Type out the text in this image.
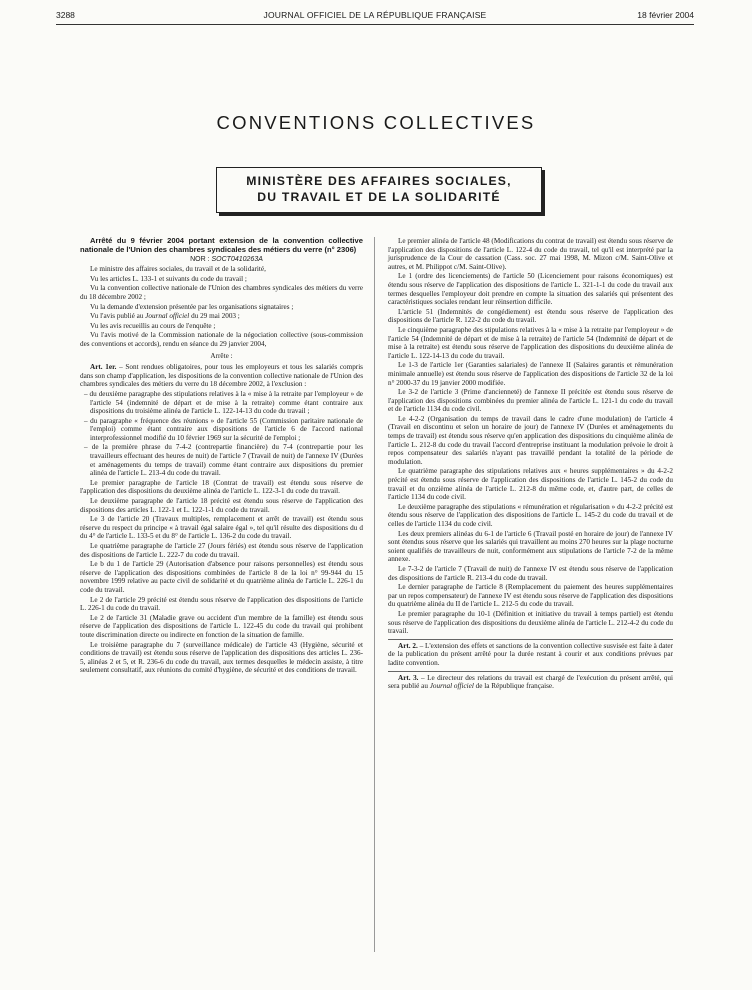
3288	JOURNAL OFFICIEL DE LA RÉPUBLIQUE FRANÇAISE	18 février 2004
CONVENTIONS COLLECTIVES
MINISTÈRE DES AFFAIRES SOCIALES,
DU TRAVAIL ET DE LA SOLIDARITÉ

Arrêté du 9 février 2004 portant extension de la convention collective nationale de l'Union des chambres syndicales des métiers du verre (n° 2306)

NOR : SOCT0410263A

Le ministre des affaires sociales, du travail et de la solidarité,

Vu les articles L. 133-1 et suivants du code du travail ;

Vu la convention collective nationale de l'Union des chambres syndicales des métiers du verre du 18 décembre 2002 ;

Vu la demande d'extension présentée par les organisations signataires ;

Vu l'avis publié au Journal officiel du 29 mai 2003 ;

Vu les avis recueillis au cours de l'enquête ;

Vu l'avis motivé de la Commission nationale de la négociation collective (sous-commission des conventions et accords), rendu en séance du 29 janvier 2004,

Arrête :

Art. 1er. – Sont rendues obligatoires, pour tous les employeurs et tous les salariés compris dans son champ d'application, les dispositions de la convention collective nationale de l'Union des chambres syndicales des métiers du verre du 18 décembre 2002, à l'exclusion :

– du deuxième paragraphe des stipulations relatives à la « mise à la retraite par l'employeur » de l'article 54 (indemnité de départ et de mise à la retraite) comme étant contraire aux dispositions du troisième alinéa de l'article L. 122-14-13 du code du travail ;

– du paragraphe « fréquence des réunions » de l'article 55 (Commission paritaire nationale de l'emploi) comme étant contraire aux dispositions de l'article 6 de l'accord national interprofessionnel modifié du 10 février 1969 sur la sécurité de l'emploi ;

– de la première phrase du 7-4-2 (contrepartie financière) du 7-4 (contrepartie pour les travailleurs effectuant des heures de nuit) de l'article 7 (Travail de nuit) de l'annexe IV (Durées et aménagements du temps de travail) comme étant contraire aux dispositions du premier alinéa de l'article L. 213-4 du code du travail.

Le premier paragraphe de l'article 18 (Contrat de travail) est étendu sous réserve de l'application des dispositions du deuxième alinéa de l'article L. 122-3-1 du code du travail.

Le deuxième paragraphe de l'article 18 précité est étendu sous réserve de l'application des dispositions des articles L. 122-1 et L. 122-1-1 du code du travail.

Le 3 de l'article 20 (Travaux multiples, remplacement et arrêt de travail) est étendu sous réserve du respect du principe « à travail égal salaire égal », tel qu'il résulte des dispositions du d du 4° de l'article L. 133-5 et du 8° de l'article L. 136-2 du code du travail.

Le quatrième paragraphe de l'article 27 (Jours fériés) est étendu sous réserve de l'application des dispositions de l'article L. 222-7 du code du travail.

Le b du 1 de l'article 29 (Autorisation d'absence pour raisons personnelles) est étendu sous réserve de l'application des dispositions combinées de l'article 8 de la loi n° 99-944 du 15 novembre 1999 relative au pacte civil de solidarité et du quatrième alinéa de l'article L. 226-1 du code du travail.

Le 2 de l'article 29 précité est étendu sous réserve de l'application des dispositions de l'article L. 226-1 du code du travail.

Le 2 de l'article 31 (Maladie grave ou accident d'un membre de la famille) est étendu sous réserve de l'application des dispositions de l'article L. 122-45 du code du travail qui prohibent toute discrimination directe ou indirecte en fonction de la situation de famille.

Le troisième paragraphe du 7 (surveillance médicale) de l'article 43 (Hygiène, sécurité et conditions de travail) est étendu sous réserve de l'application des dispositions des articles L. 236-5, alinéas 2 et 5, et R. 236-6 du code du travail, aux termes desquelles le médecin assiste, à titre seulement consultatif, aux réunions du comité d'hygiène, de sécurité et des conditions de travail.

Le premier alinéa de l'article 48 (Modifications du contrat de travail) est étendu sous réserve de l'application des dispositions de l'article L. 122-4 du code du travail, tel qu'il est interprété par la jurisprudence de la Cour de cassation (Cass. soc. 27 mai 1998, M. Mizon c/M. Saint-Olive et autres, et M. Philippot c/M. Saint-Olive).

Le 1 (ordre des licenciements) de l'article 50 (Licenciement pour raisons économiques) est étendu sous réserve de l'application des dispositions de l'article L. 321-1-1 du code du travail aux termes desquelles l'employeur doit prendre en compte la situation des salariés qui présentent des caractéristiques sociales rendant leur réinsertion difficile.

L'article 51 (Indemnités de congédiement) est étendu sous réserve de l'application des dispositions de l'article R. 122-2 du code du travail.

Le cinquième paragraphe des stipulations relatives à la « mise à la retraite par l'employeur » de l'article 54 (Indemnité de départ et de mise à la retraite) de l'article 54 (Indemnité de départ et de mise à la retraite) est étendu sous réserve de l'application des dispositions du deuxième alinéa de l'article L. 122-14-13 du code du travail.

Le 1-3 de l'article 1er (Garanties salariales) de l'annexe II (Salaires garantis et rémunération minimale annuelle) est étendu sous réserve de l'application des dispositions de l'article 32 de la loi n° 2000-37 du 19 janvier 2000 modifiée.

Le 3-2 de l'article 3 (Prime d'ancienneté) de l'annexe II précitée est étendu sous réserve de l'application des dispositions combinées du premier alinéa de l'article L. 121-1 du code du travail et de l'article 1134 du code civil.

Le 4-2-2 (Organisation du temps de travail dans le cadre d'une modulation) de l'article 4 (Travail en discontinu et selon un horaire de jour) de l'annexe IV (Durées et aménagements du temps de travail) est étendu sous réserve qu'en application des dispositions du cinquième alinéa de l'article L. 212-8 du code du travail l'accord d'entreprise instituant la modulation prévoie le droit à repos compensateur des salariés n'ayant pas travaillé pendant la totalité de la période de modulation.

Le quatrième paragraphe des stipulations relatives aux « heures supplémentaires » du 4-2-2 précité est étendu sous réserve de l'application des dispositions de l'article L. 145-2 du code du travail et du onzième alinéa de l'article L. 212-8 du même code, et, d'autre part, de celles de l'article 1134 du code civil.

Le deuxième paragraphe des stipulations « rémunération et régularisation » du 4-2-2 précité est étendu sous réserve de l'application des dispositions de l'article L. 145-2 du code du travail et de celles de l'article 1134 du code civil.

Les deux premiers alinéas du 6-1 de l'article 6 (Travail posté en horaire de jour) de l'annexe IV sont étendus sous réserve que les salariés qui travaillent au moins 270 heures sur la plage nocturne soient qualifiés de travailleurs de nuit, conformément aux stipulations de l'article 7-2 de la même annexe.

Le 7-3-2 de l'article 7 (Travail de nuit) de l'annexe IV est étendu sous réserve de l'application des dispositions de l'article R. 213-4 du code du travail.

Le dernier paragraphe de l'article 8 (Remplacement du paiement des heures supplémentaires par un repos compensateur) de l'annexe IV est étendu sous réserve de l'application des dispositions du quatrième alinéa du II de l'article L. 212-5 du code du travail.

Le premier paragraphe du 10-1 (Définition et initiative du travail à temps partiel) est étendu sous réserve de l'application des dispositions du deuxième alinéa de l'article L. 212-4-2 du code du travail.

Art. 2. – L'extension des effets et sanctions de la convention collective susvisée est faite à dater de la publication du présent arrêté pour la durée restant à courir et aux conditions prévues par ladite convention.

Art. 3. – Le directeur des relations du travail est chargé de l'exécution du présent arrêté, qui sera publié au Journal officiel de la République française.
